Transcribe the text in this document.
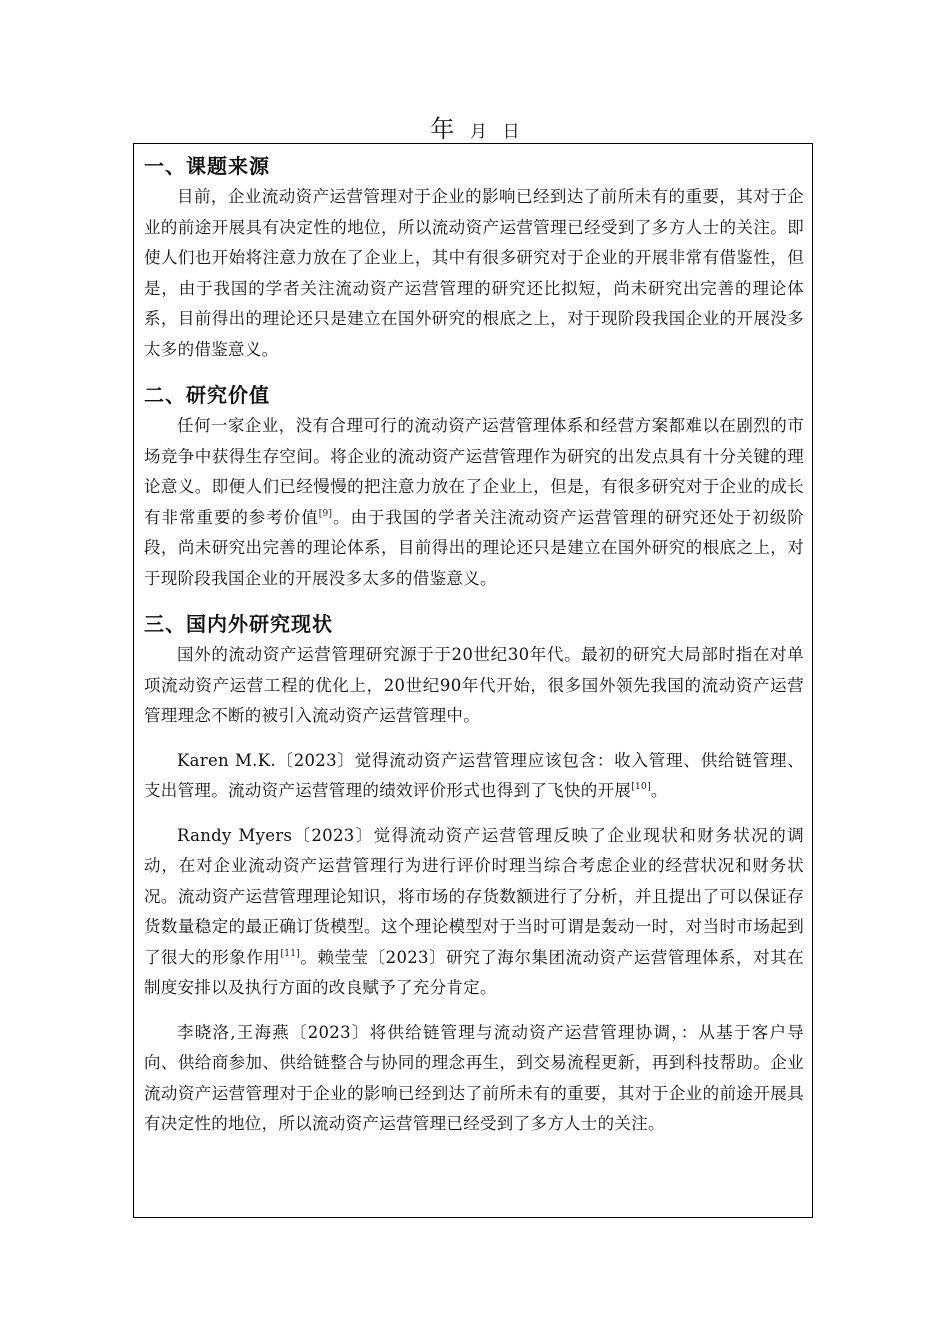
年 月 日
一、课题来源

目前，企业流动资产运营管理对于企业的影响已经到达了前所未有的重要，其对于企业的前途开展具有决定性的地位，所以流动资产运营管理已经受到了多方人士的关注。即使人们也开始将注意力放在了企业上，其中有很多研究对于企业的开展非常有借鉴性，但是，由于我国的学者关注流动资产运营管理的研究还比拟短，尚未研究出完善的理论体系，目前得出的理论还只是建立在国外研究的根底之上，对于现阶段我国企业的开展没多太多的借鉴意义。

二、研究价值

任何一家企业，没有合理可行的流动资产运营管理体系和经营方案都难以在剧烈的市场竞争中获得生存空间。将企业的流动资产运营管理作为研究的出发点具有十分关键的理论意义。即便人们已经慢慢的把注意力放在了企业上，但是，有很多研究对于企业的成长有非常重要的参考价值[9]。由于我国的学者关注流动资产运营管理的研究还处于初级阶段，尚未研究出完善的理论体系，目前得出的理论还只是建立在国外研究的根底之上，对于现阶段我国企业的开展没多太多的借鉴意义。

三、国内外研究现状

国外的流动资产运营管理研究源于于20世纪30年代。最初的研究大局部时指在对单项流动资产运营工程的优化上，20世纪90年代开始，很多国外领先我国的流动资产运营管理理念不断的被引入流动资产运营管理中。

Karen M.K.〔2023〕觉得流动资产运营管理应该包含：收入管理、供给链管理、支出管理。流动资产运营管理的绩效评价形式也得到了飞快的开展[10]。

Randy Myers〔2023〕觉得流动资产运营管理反映了企业现状和财务状况的调动，在对企业流动资产运营管理行为进行评价时理当综合考虑企业的经营状况和财务状况。流动资产运营管理理论知识，将市场的存货数额进行了分析，并且提出了可以保证存货数量稳定的最正确订货模型。这个理论模型对于当时可谓是轰动一时，对当时市场起到了很大的形象作用[11]。赖莹莹〔2023〕研究了海尔集团流动资产运营管理体系，对其在制度安排以及执行方面的改良赋予了充分肯定。

李晓洛,王海燕〔2023〕将供给链管理与流动资产运营管理协调，：从基于客户导向、供给商参加、供给链整合与协同的理念再生，到交易流程更新，再到科技帮助。企业流动资产运营管理对于企业的影响已经到达了前所未有的重要，其对于企业的前途开展具有决定性的地位，所以流动资产运营管理已经受到了多方人士的关注。
